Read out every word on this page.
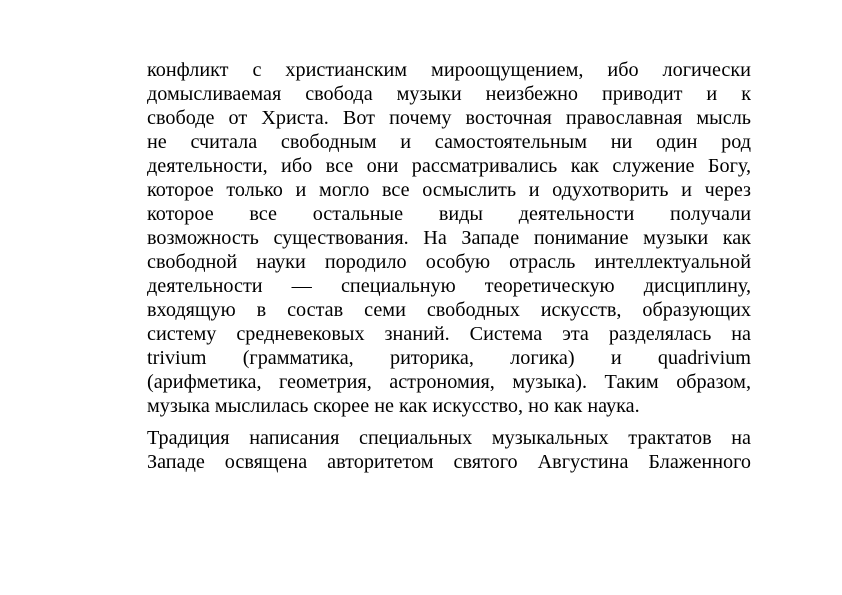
конфликт с христианским мироощущением, ибо логически
домысливаемая свобода музыки неизбежно приводит и к
свободе от Христа. Вот почему восточная православная мысль
не считала свободным и самостоятельным ни один род
деятельности, ибо все они рассматривались как служение Богу,
которое только и могло все осмыслить и одухотворить и через
которое все остальные виды деятельности получали
возможность существования. На Западе понимание музыки как
свободной науки породило особую отрасль интеллектуальной
деятельности — специальную теоретическую дисциплину,
входящую в состав семи свободных искусств, образующих
систему средневековых знаний. Система эта разделялась на
trivium (грамматика, риторика, логика) и quadrivium
(арифметика, геометрия, астрономия, музыка). Таким образом,
музыка мыслилась скорее не как искусство, но как наука.
Традиция написания специальных музыкальных трактатов на
Западе освящена авторитетом святого Августина Блаженного
